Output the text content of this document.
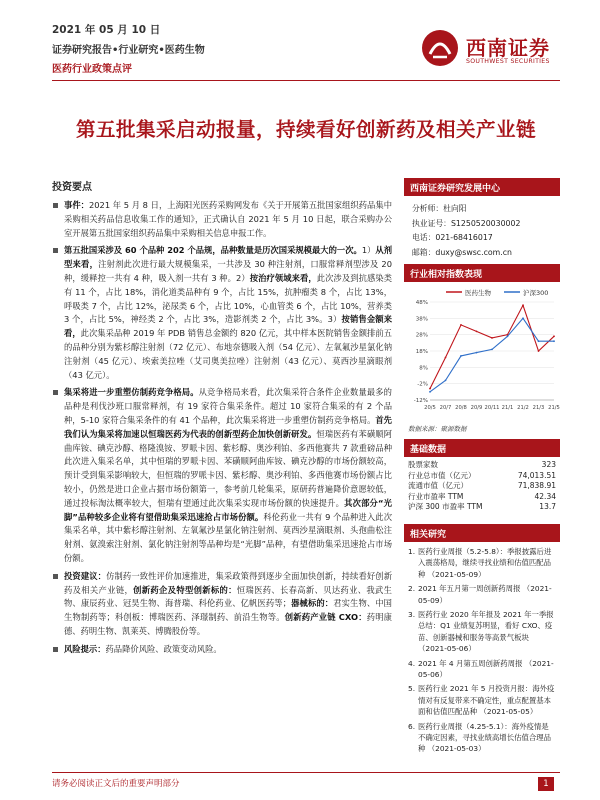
2021 年 05 月 10 日
证券研究报告•行业研究•医药生物
医药行业政策点评
西南证券
SOUTHWEST SECURITIES
第五批集采启动报量，持续看好创新药及相关产业链
投资要点
事件：2021 年 5 月 8 日，上海阳光医药采购网发布《关于开展第五批国家组织药品集中采购相关药品信息收集工作的通知》，正式确认自 2021 年 5 月 10 日起，联合采购办公室开展第五批国家组织药品集中采购相关信息申报工作。
第五批国采涉及 60 个品种 202 个品规，品种数量是历次国采规模最大的一次。1）从剂型来看，注射剂此次进行最大规模集采，一共涉及 30 种注射剂，口服常释剂型涉及 20 种，缓释控一共有 4 种，吸入剂一共有 3 种。2）按治疗领域来看，此次涉及到抗感染类有 11 个，占比 18%，消化道类品种有 9 个，占比 15%，抗肿瘤类 8 个，占比 13%，呼吸类 7 个，占比 12%，泌尿类 6 个，占比 10%，心血管类 6 个，占比 10%，营养类 3 个，占比 5%，神经类 2 个，占比 3%，造影剂类 2 个，占比 3%。3）按销售金额来看，此次集采品种 2019 年 PDB 销售总金额约 820 亿元，其中样本医院销售金额排前五的品种分别为紫杉醇注射剂（72 亿元）、布地奈德吸入剂（54 亿元）、左氧氟沙星氯化钠注射剂（45 亿元）、埃索美拉唑（艾司奥美拉唑）注射剂（43 亿元）、莫西沙星滴眼剂（43 亿元）。
集采将进一步重塑仿制药竞争格局。从竞争格局来看，此次集采符合条件企业数量最多的品种是利伐沙班口服常释剂，有 19 家符合集采条件。超过 10 家符合集采的有 2 个品种，5-10 家符合集采条件的有 41 个品种，此次集采将进一步重塑仿制药竞争格局。首先我们认为集采将加速以恒瑞医药为代表的创新型药企加快创新研发。恒瑞医药有苯磺顺阿曲库铵、碘克沙醇、格隆溴铵、罗哌卡因、紫杉醇、奥沙利铂、多西他赛共 7 款重磅品种此次进入集采名单，其中恒瑞的罗哌卡因、苯磺顺阿曲库铵、碘克沙醇的市场份额较高，预计受到集采影响较大，但恒瑞的罗哌卡因、紫杉醇、奥沙利铂、多西他赛市场份额占比较小，仍然是进口企业占据市场份额第一，参考前几轮集采，原研药普遍降价意愿较低，通过投标淘汰概率较大，恒瑞有望通过此次集采实现市场份额的快速提升。其次部分“光脚”品种较多企业将有望借助集采迅速抢占市场份额。科伦药业一共有 9 个品种进入此次集采名单，其中紫杉醇注射剂、左氧氟沙星氯化钠注射剂、莫西沙星滴眼剂、头孢曲松注射剂、氨溴索注射剂、氯化钠注射剂等品种均是“光脚”品种，有望借助集采迅速抢占市场份额。
投资建议：仿制药一致性评价加速推进，集采政策得到逐步全面加快创新，持续看好创新药及相关产业链，创新药企及特型创新标的：恒瑞医药、长春高新、贝达药业、我武生物、康辰药业、冠昊生物、海普瑞、科伦药业、亿帆医药等；器械标的：君实生物、中国生物制药等；科创板：博瑞医药、泽璟制药、前沿生物等。创新药产业链 CXO：药明康德、药明生物、凯莱英、博腾股份等。
风险提示：药品降价风险、政策变动风险。
西南证券研究发展中心
分析师：杜向阳
执业证号：S1250520030002
电话：021-68416017
邮箱：duxy@swsc.com.cn
行业相对指数表现
-12%
-2%
8%
18%
28%
38%
48%
20/5 20/7 20/8 20/9 20/11 21/1 21/2 21/3 21/5
医药生物	沪深300
数据来源：聚源数据
基础数据
股票家数	323
行业总市值（亿元）	74,013.51
流通市值（亿元）	71,838.91
行业市盈率 TTM	42.34
沪深 300 市盈率 TTM	13.7
相关研究
1. 医药行业周报（5.2-5.8）：季报披露后进入震荡格局，继续寻找业绩和估值匹配品种 （2021-05-09）
2. 2021 年五月第一周创新药周报 （2021-05-09）
3. 医药行业 2020 年年报及 2021 年一季报总结：Q1 业绩复苏明显，看好 CXO、疫苗、创新器械和服务等高景气板块 （2021-05-06）
4. 2021 年 4 月第五周创新药周报 （2021-05-06）
5. 医药行业 2021 年 5 月投资月报：海外疫情对有反复带来不确定性，重点配置基本面和估值匹配品种 （2021-05-05）
6. 医药行业周报（4.25-5.1）：海外疫情是不确定因素，寻找业绩高增长估值合理品种 （2021-05-03）
请务必阅读正文后的重要声明部分	1
